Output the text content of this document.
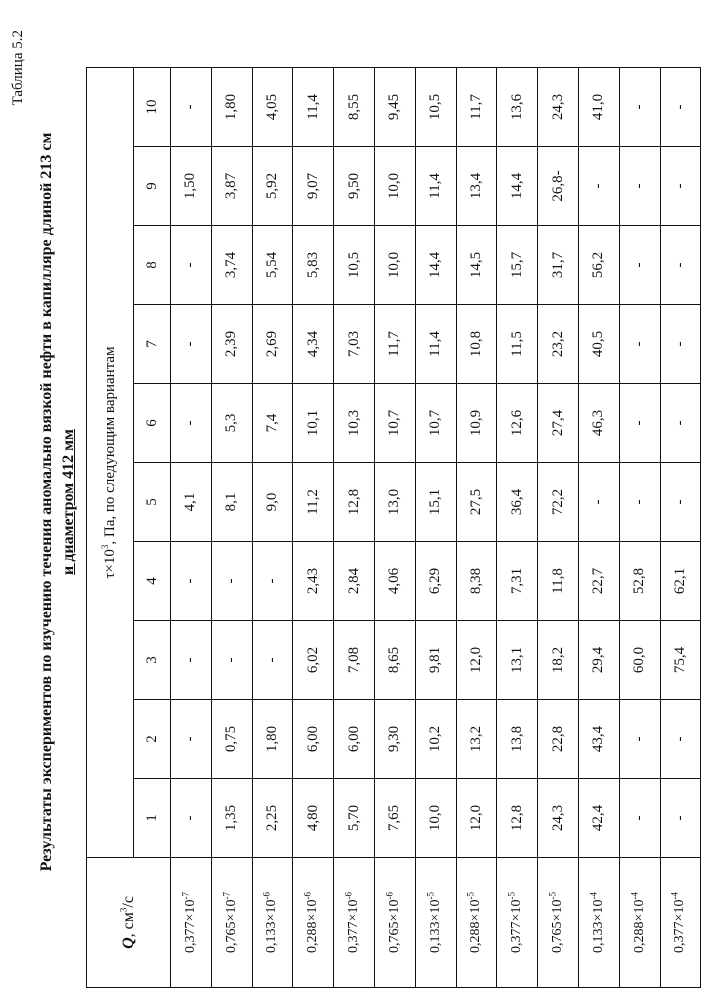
Таблица 5.2
Результаты экспериментов по изучению течения аномально вязкой нефти в капилляре длиной 213 см и диаметром 412 мм
Q, $см^3/с$	$\tau\times 10^3$, Па, по следующим вариантам									
	1	2	3	4	5	6	7	8	9	10
$0,377\times 10^{-7}$	-	-	-	-	4,1	-	-	-	1,50	-
$0,765\times 10^{-7}$	1,35	0,75	-	-	8,1	5,3	2,39	3,74	3,87	1,80
$0,133\times 10^{-6}$	2,25	1,80	-	-	9,0	7,4	2,69	5,54	5,92	4,05
$0,288\times 10^{-6}$	4,80	6,00	6,02	2,43	11,2	10,1	4,34	5,83	9,07	11,4
$0,377\times 10^{-6}$	5,70	6,00	7,08	2,84	12,8	10,3	7,03	10,5	9,50	8,55
$0,765\times 10^{-6}$	7,65	9,30	8,65	4,06	13,0	10,7	11,7	10,0	10,0	9,45
$0,133\times 10^{-5}$	10,0	10,2	9,81	6,29	15,1	10,7	11,4	14,4	11,4	10,5
$0,288\times 10^{-5}$	12,0	13,2	12,0	8,38	27,5	10,9	10,8	14,5	13,4	11,7
$0,377\times 10^{-5}$	12,8	13,8	13,1	7,31	36,4	12,6	11,5	15,7	14,4	13,6
$0,765\times 10^{-5}$	24,3	22,8	18,2	11,8	72,2	27,4	23,2	31,7	26,8-	24,3
$0,133\times 10^{-4}$	42,4	43,4	29,4	22,7	-	46,3	40,5	56,2	-	41,0
$0,288\times 10^{-4}$	-	-	60,0	52,8	-	-	-	-	-	-
$0,377\times 10^{-4}$	-	-	75,4	62,1	-	-	-	-	-	-
